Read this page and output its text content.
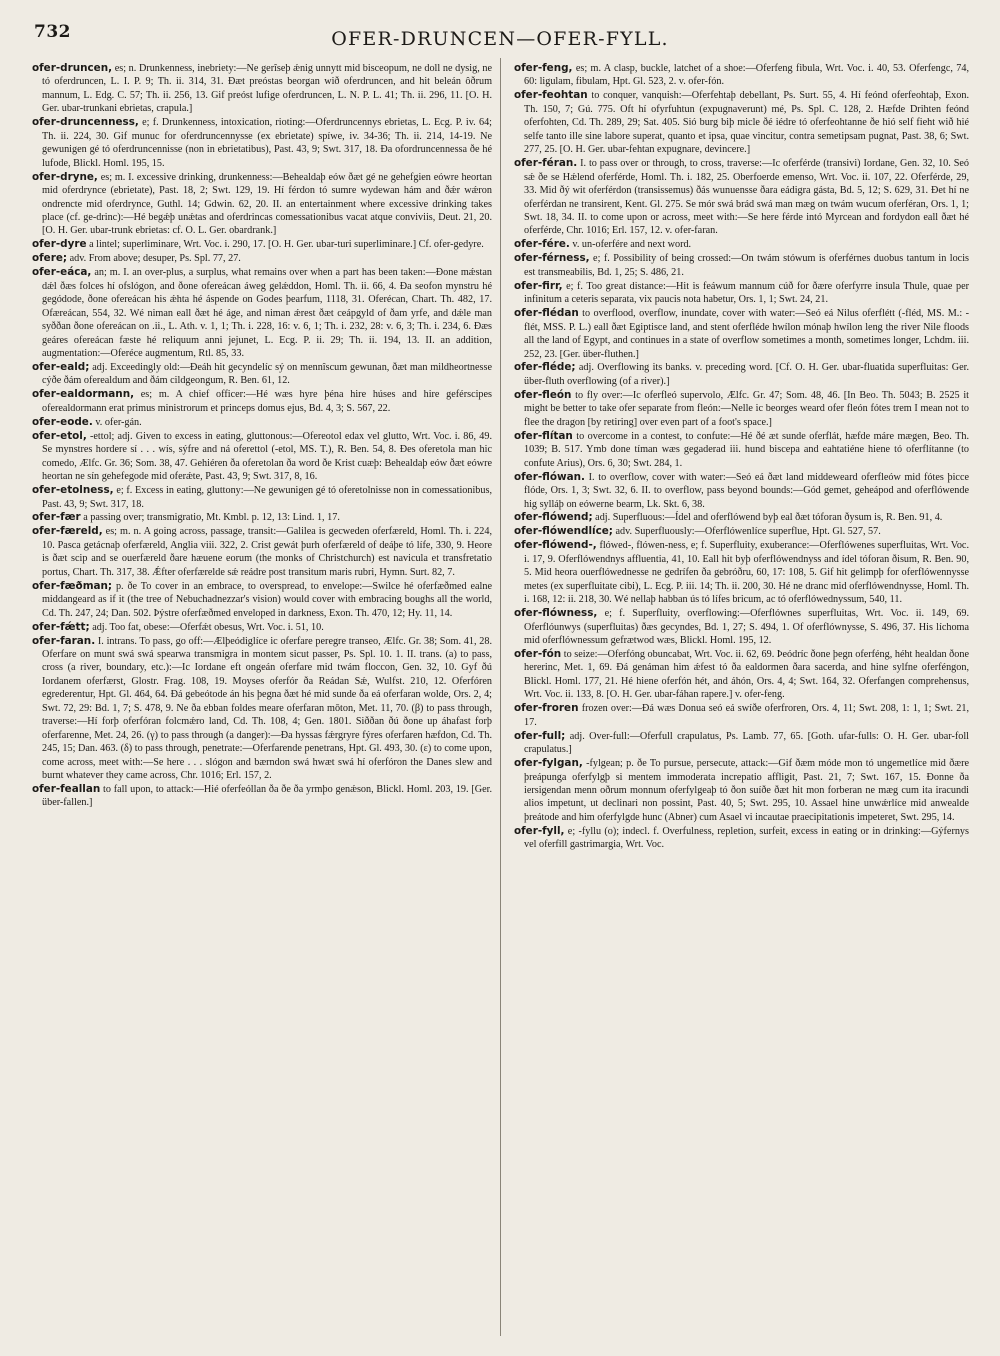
732	OFER-DRUNCEN—OFER-FYLL.
ofer-druncen, es; n. Drunkenness, inebriety:—Ne gerîseþ ǽnig unnytt mid bisceopum, ne doll ne dysig, ne tó oferdruncen, L. I. P. 9; Th. ii. 314, 31. Ðæt preóstas beorgan wið oferdruncen, and hit beleán ôðrum mannum, L. Edg. C. 57; Th. ii. 256, 13. Gif preóst lufige oferdruncen, L. N. P. L. 41; Th. ii. 296, 11. [O. H. Ger. ubar-trunkani ebrietas, crapula.]
ofer-druncenness, e; f. Drunkenness, intoxication, rioting:—Oferdruncennys ebrietas, L. Ecg. P. iv. 64; Th. ii. 224, 30. Gif munuc for oferdruncennysse (ex ebrietate) spíwe, iv. 34-36; Th. ii. 214, 14-19. Ne gewunigen gé tó oferdruncennisse (non in ebrietatibus), Past. 43, 9; Swt. 317, 18. Ða ofordruncennessa ðe hé lufode, Blickl. Homl. 195, 15.
ofer-dryne, es; m. I. excessive drinking, drunkenness:—Behealdaþ eów ðæt gé ne gehefgien eówre heortan mid oferdrynce (ebrietate), Past. 18, 2; Swt. 129, 19. Hí férdon tó sumre wydewan hám and ðǽr wǽron ondrencte mid oferdrynce, Guthl. 14; Gdwin. 62, 20. II. an entertainment where excessive drinking takes place (cf. ge-drinc):—Hé begǽþ unǽtas and oferdrincas comessationibus vacat atque conviviis, Deut. 21, 20. [O. H. Ger. ubar-trunk ebrietas: cf. O. L. Ger. obardrank.]
ofer-dyre a lintel; superliminare, Wrt. Voc. i. 290, 17. [O. H. Ger. ubar-turi superliminare.] Cf. ofer-gedyre.
ofere; adv. From above; desuper, Ps. Spl. 77, 27.
ofer-eáca, an; m. I. an over-plus, a surplus, what remains over when a part has been taken:—Ðone mǽstan dǽl ðæs folces hí ofslógon, and ðone ofereácan áweg gelǽddon, Homl. Th. ii. 66, 4. Ða seofon mynstru hé gegódode, ðone ofereácan his ǽhta hé áspende on Godes þearfum, 1118, 31. Oferécan, Chart. Th. 482, 17. Ofæreácan, 554, 32. Wé niman eall ðæt hé áge, and niman ǽrest ðæt ceápgyld of ðam yrfe, and dǽle man syððan ðone ofereácan on .ii., L. Ath. v. 1, 1; Th. i. 228, 16: v. 6, 1; Th. i. 232, 28: v. 6, 3; Th. i. 234, 6. Ðæs geáres ofereácan fæste hé reliquum anni jejunet, L. Ecg. P. ii. 29; Th. ii. 194, 13. II. an addition, augmentation:—Oferéce augmentum, Rtl. 85, 33.
ofer-eald; adj. Exceedingly old:—Ðeáh hit gecyndelíc sý on mennîscum gewunan, ðæt man mildheortnesse cýðe ðám oferealdum and ðám cildgeongum, R. Ben. 61, 12.
ofer-ealdormann, es; m. A chief officer:—Hé wæs hyre þéna hire húses and hire geférscipes oferealdormann erat primus ministrorum et princeps domus ejus, Bd. 4, 3; S. 567, 22.
ofer-eode. v. ofer-gán.
ofer-etol, -ettol; adj. Given to excess in eating, gluttonous:—Ofereotol edax vel glutto, Wrt. Voc. i. 86, 49. Se mynstres hordere sí . . . wís, sýfre and ná oferettol (-etol, MS. T.), R. Ben. 54, 8. Ðes oferetola man hic comedo, Ælfc. Gr. 36; Som. 38, 47. Gehiéren ða oferetolan ða word ðe Krist cuæþ: Behealdaþ eów ðæt eówre heortan ne sín gehefegode mid oferǽte, Past. 43, 9; Swt. 317, 8, 16.
ofer-etolness, e; f. Excess in eating, gluttony:—Ne gewunigen gé tó oferetolnisse non in comessationibus, Past. 43, 9; Swt. 317, 18.
ofer-fær a passing over; transmigratio, Mt. Kmbl. p. 12, 13: Lind. 1, 17.
ofer-færeld, es; m. n. A going across, passage, transit:—Galilea is gecweden oferfæreld, Homl. Th. i. 224, 10. Pasca getácnaþ oferfæreld, Anglia viii. 322, 2. Crist gewát þurh oferfæreld of deáþe tó lífe, 330, 9. Heore is ðæt scip and se ouerfæreld ðare hæuene eorum (the monks of Christchurch) est navicula et transfretatio portus, Chart. Th. 317, 38. Ǽfter oferfærelde sǽ reádre post transitum maris rubri, Hymn. Surt. 82, 7.
ofer-fæðman; p. ðe To cover in an embrace, to overspread, to envelope:—Swilce hé oferfæðmed ealne middangeard as if it (the tree of Nebuchadnezzar's vision) would cover with embracing boughs all the world, Cd. Th. 247, 24; Dan. 502. Þýstre oferfæðmed enveloped in darkness, Exon. Th. 470, 12; Hy. 11, 14.
ofer-fǽtt; adj. Too fat, obese:—Oferfǽt obesus, Wrt. Voc. i. 51, 10.
ofer-faran. I. intrans. To pass, go off:—Ælþeódiglíce ic oferfare peregre transeo, Ælfc. Gr. 38; Som. 41, 28. Oferfare on munt swá swá spearwa transmigra in montem sicut passer, Ps. Spl. 10. 1. II. trans. (a) to pass, cross (a river, boundary, etc.):—Ic Iordane eft ongeán oferfare mid twám floccon, Gen. 32, 10. Gyf ðú Iordanem oferfærst, Glostr. Frag. 108, 19. Moyses oferfór ða Reádan Sǽ, Wulfst. 210, 12. Oferfóren egrederentur, Hpt. Gl. 464, 64. Ðá gebeótode án his þegna ðæt hé mid sunde ða eá oferfaran wolde, Ors. 2, 4; Swt. 72, 29: Bd. 1, 7; S. 478, 9. Ne ða ebban foldes meare oferfaran mōton, Met. 11, 70. (β) to pass through, traverse:—Hí forþ oferfóran folcmǽro land, Cd. Th. 108, 4; Gen. 1801. Siððan ðú ðone up áhafast forþ oferfarenne, Met. 24, 26. (γ) to pass through (a danger):—Ða hyssas fǽrgryre fýres oferfaren hæfdon, Cd. Th. 245, 15; Dan. 463. (δ) to pass through, penetrate:—Oferfarende penetrans, Hpt. Gl. 493, 30. (ε) to come upon, come across, meet with:—Se here . . . slógon and bærndon swá hwæt swá hí oferfóron the Danes slew and burnt whatever they came across, Chr. 1016; Erl. 157, 2.
ofer-feallan to fall upon, to attack:—Hié oferfeóllan ða ðe ða yrmþo genǽson, Blickl. Homl. 203, 19. [Ger. über-fallen.]
ofer-feng, es; m. A clasp, buckle, latchet of a shoe:—Oferfeng fibula, Wrt. Voc. i. 40, 53. Oferfengc, 74, 60: ligulam, fibulam, Hpt. Gl. 523, 2. v. ofer-fón.
ofer-feohtan to conquer, vanquish:—Oferfehtaþ debellant, Ps. Surt. 55, 4. Hí feónd oferfeohtaþ, Exon. Th. 150, 7; Gú. 775. Oft hí ofyrfuhtun (expugnaverunt) mé, Ps. Spl. C. 128, 2. Hæfde Drihten feónd oferfohten, Cd. Th. 289, 29; Sat. 405. Sió burg biþ micle ðé iédre tó oferfeohtanne ðe hió self fieht wið hié selfe tanto ille sine labore superat, quanto et ipsa, quae vincitur, contra semetipsam pugnat, Past. 38, 6; Swt. 277, 25. [O. H. Ger. ubar-fehtan expugnare, devincere.]
ofer-féran. I. to pass over or through, to cross, traverse:—Ic oferférde (transivi) Iordane, Gen. 32, 10. Seó sǽ ðe se Hǽlend oferférde, Homl. Th. i. 182, 25. Oberfoerde emenso, Wrt. Voc. ii. 107, 22. Oferférde, 29, 33. Mid ðý wit oferférdon (transissemus) ðás wunuensse ðara eádigra gásta, Bd. 5, 12; S. 629, 31. Ðet hí ne oferférdan ne transirent, Kent. Gl. 275. Se mór swá brád swá man mæg on twám wucum oferféran, Ors. 1, 1; Swt. 18, 34. II. to come upon or across, meet with:—Se here férde intó Myrcean and fordydon eall ðæt hé oferférde, Chr. 1016; Erl. 157, 12. v. ofer-faran.
ofer-fére. v. un-oferfére and next word.
ofer-férness, e; f. Possibility of being crossed:—On twám stówum is oferférnes duobus tantum in locis est transmeabilis, Bd. 1, 25; S. 486, 21.
ofer-firr, e; f. Too great distance:—Hit is feáwum mannum cúð for ðære oferfyrre insula Thule, quae per infinitum a ceteris separata, vix paucis nota habetur, Ors. 1, 1; Swt. 24, 21.
ofer-flédan to overflood, overflow, inundate, cover with water:—Seó eá Nilus oferflétt (-fléd, MS. M.: -flét, MSS. P. L.) eall ðæt Egiptisce land, and stent oferfléde hwílon mónaþ hwílon leng the river Nile floods all the land of Egypt, and continues in a state of overflow sometimes a month, sometimes longer, Lchdm. iii. 252, 23. [Ger. über-fluthen.]
ofer-fléde; adj. Overflowing its banks. v. preceding word. [Cf. O. H. Ger. ubar-fluatida superfluitas: Ger. über-fluth overflowing (of a river).]
ofer-fleón to fly over:—Ic oferfleó supervolo, Ælfc. Gr. 47; Som. 48, 46. [In Beo. Th. 5043; B. 2525 it might be better to take ofer separate from fleón:—Nelle ic beorges weard ofer fleón fótes trem I mean not to flee the dragon [by retiring] over even part of a foot's space.]
ofer-flítan to overcome in a contest, to confute:—Hé ðé æt sunde oferflát, hæfde máre mægen, Beo. Th. 1039; B. 517. Ymb done tíman wæs gegaderad iii. hund biscepa and eahtatiéne hiene tó oferflítanne (to confute Arius), Ors. 6, 30; Swt. 284, 1.
ofer-flówan. I. to overflow, cover with water:—Seó eá ðæt land middeweard oferfleów mid fótes þicce flóde, Ors. 1, 3; Swt. 32, 6. II. to overflow, pass beyond bounds:—Gód gemet, geheápod and oferflówende hig sylláþ on eówerne bearm, Lk. Skt. 6, 38.
ofer-flówend; adj. Superfluous:—Ídel and oferflówend byþ eal ðæt tóforan ðysum is, R. Ben. 91, 4.
ofer-flówendlíce; adv. Superfluously:—Oferflówenlíce superflue, Hpt. Gl. 527, 57.
ofer-flówend-, flówed-, flówen-ness, e; f. Superfluity, exuberance:—Oferflówenes superfluitas, Wrt. Voc. i. 17, 9. Oferflówendnys affluentia, 41, 10. Eall hit byþ oferflówendnyss and ídel tóforan ðisum, R. Ben. 90, 5. Mid heora ouerflówednesse ne gedrífen ða gebróðru, 60, 17: 108, 5. Gif hit gelimpþ for oferflówennysse metes (ex superfluitate cibi), L. Ecg. P. iii. 14; Th. ii. 200, 30. Hé ne dranc mid oferflówendnysse, Homl. Th. i. 168, 12: ii. 218, 30. Wé nellaþ habban ús tó lífes bricum, ac tó oferflówednyssum, 540, 11.
ofer-flówness, e; f. Superfluity, overflowing:—Oferflównes superfluitas, Wrt. Voc. ii. 149, 69. Oferflóunwys (superfluitas) ðæs gecyndes, Bd. 1, 27; S. 494, 1. Of oferflównysse, S. 496, 37. His líchoma mid oferflównessum gefrætwod wæs, Blickl. Homl. 195, 12.
ofer-fón to seize:—Oferfóng obuncabat, Wrt. Voc. ii. 62, 69. Þeódríc ðone þegn oferféng, héht healdan ðone hererinc, Met. 1, 69. Ðá genáman him ǽfest tó ða ealdormen ðara sacerda, and hine sylfne oferféngon, Blickl. Homl. 177, 21. Hé hiene oferfón hét, and áhón, Ors. 4, 4; Swt. 164, 32. Oferfangen comprehensus, Wrt. Voc. ii. 133, 8. [O. H. Ger. ubar-fáhan rapere.] v. ofer-feng.
ofer-froren frozen over:—Ðá wæs Donua seó eá swíðe oferfroren, Ors. 4, 11; Swt. 208, 1: 1, 1; Swt. 21, 17.
ofer-full; adj. Over-full:—Oferfull crapulatus, Ps. Lamb. 77, 65. [Goth. ufar-fulls: O. H. Ger. ubar-foll crapulatus.]
ofer-fylgan, -fylgean; p. ðe To pursue, persecute, attack:—Gif ðæm móde mon tó ungemetlíce mid ðære þreápunga oferfylgþ si mentem immoderata increpatio affligit, Past. 21, 7; Swt. 167, 15. Ðonne ða iersigendan menn oðrum monnum oferfylgeaþ tó ðon suíðe ðæt hit mon forberan ne mæg cum ita iracundi alios impetunt, ut declinari non possint, Past. 40, 5; Swt. 295, 10. Assael hine unwǽrlíce mid anwealde þreátode and him oferfylgde hunc (Abner) cum Asael vi incautae praecipitationis impeteret, Swt. 295, 14.
ofer-fyll, e; -fyllu (o); indecl. f. Overfulness, repletion, surfeit, excess in eating or in drinking:—Gýfernys vel oferfill gastrimargia, Wrt. Voc.
